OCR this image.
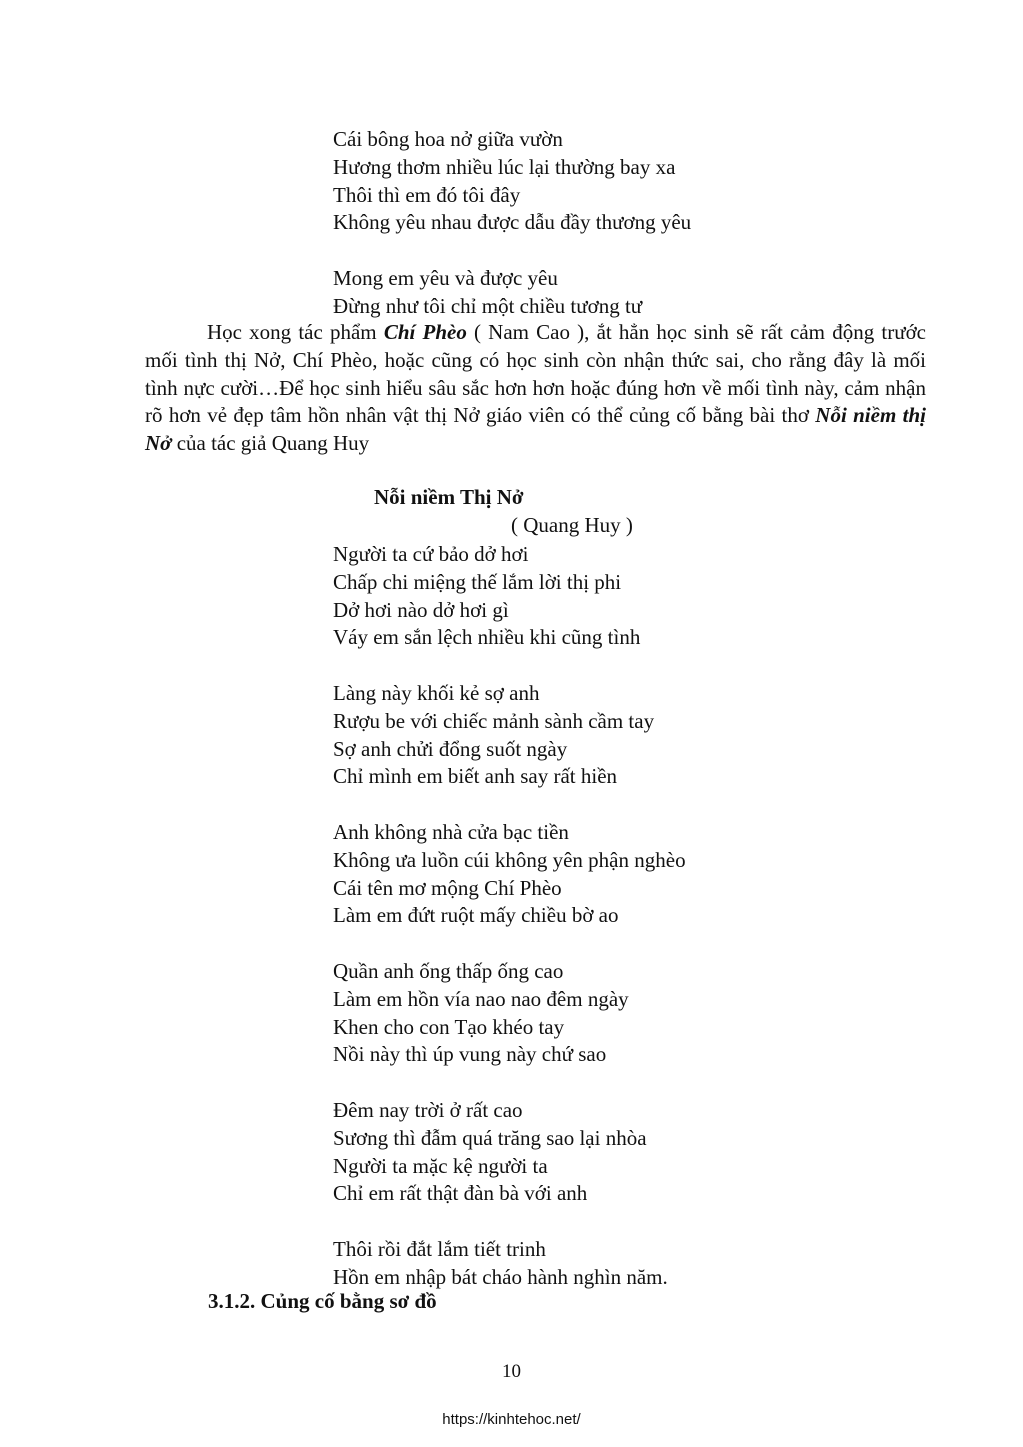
Cái bông hoa nở giữa vườn
Hương thơm nhiều lúc lại thường bay xa
Thôi thì em đó tôi đây
Không yêu nhau được dẫu đầy thương yêu
Mong em yêu và được yêu
Đừng như tôi chỉ một chiều tương tư
Học xong tác phẩm Chí Phèo ( Nam Cao ), ắt hẳn học sinh sẽ rất cảm động trước mối tình thị Nở, Chí Phèo, hoặc cũng có học sinh còn nhận thức sai, cho rằng đây là mối tình nực cười…Để học sinh hiểu sâu sắc hơn hơn hoặc đúng hơn về mối tình này, cảm nhận rõ hơn vẻ đẹp tâm hồn nhân vật thị Nở giáo viên có thể củng cố bằng bài thơ Nỗi niềm thị Nở của tác giả Quang Huy
Nỗi niềm Thị Nở
( Quang Huy )
Người ta cứ bảo dở hơi
Chấp chi miệng thế lắm lời thị phi
Dở hơi nào dở hơi gì
Váy em sắn lệch nhiều khi cũng tình
Làng này khối kẻ sợ anh
Rượu be với chiếc mảnh sành cầm tay
Sợ anh chửi đổng suốt ngày
Chỉ mình em biết anh say rất hiền
Anh không nhà cửa bạc tiền
Không ưa luồn cúi không yên phận nghèo
Cái tên mơ mộng Chí Phèo
Làm em đứt ruột mấy chiều bờ ao
Quần anh ống thấp ống cao
Làm em hồn vía nao nao đêm ngày
Khen cho con Tạo khéo tay
Nồi này thì úp vung này chứ sao
Đêm nay trời ở rất cao
Sương thì đẫm quá trăng sao lại nhòa
Người ta mặc kệ người ta
Chỉ em rất thật đàn bà với anh
Thôi rồi đắt lắm tiết trinh
Hồn em nhập bát cháo hành nghìn năm.
3.1.2. Củng cố bằng sơ đồ
10
https://kinhtehoc.net/
